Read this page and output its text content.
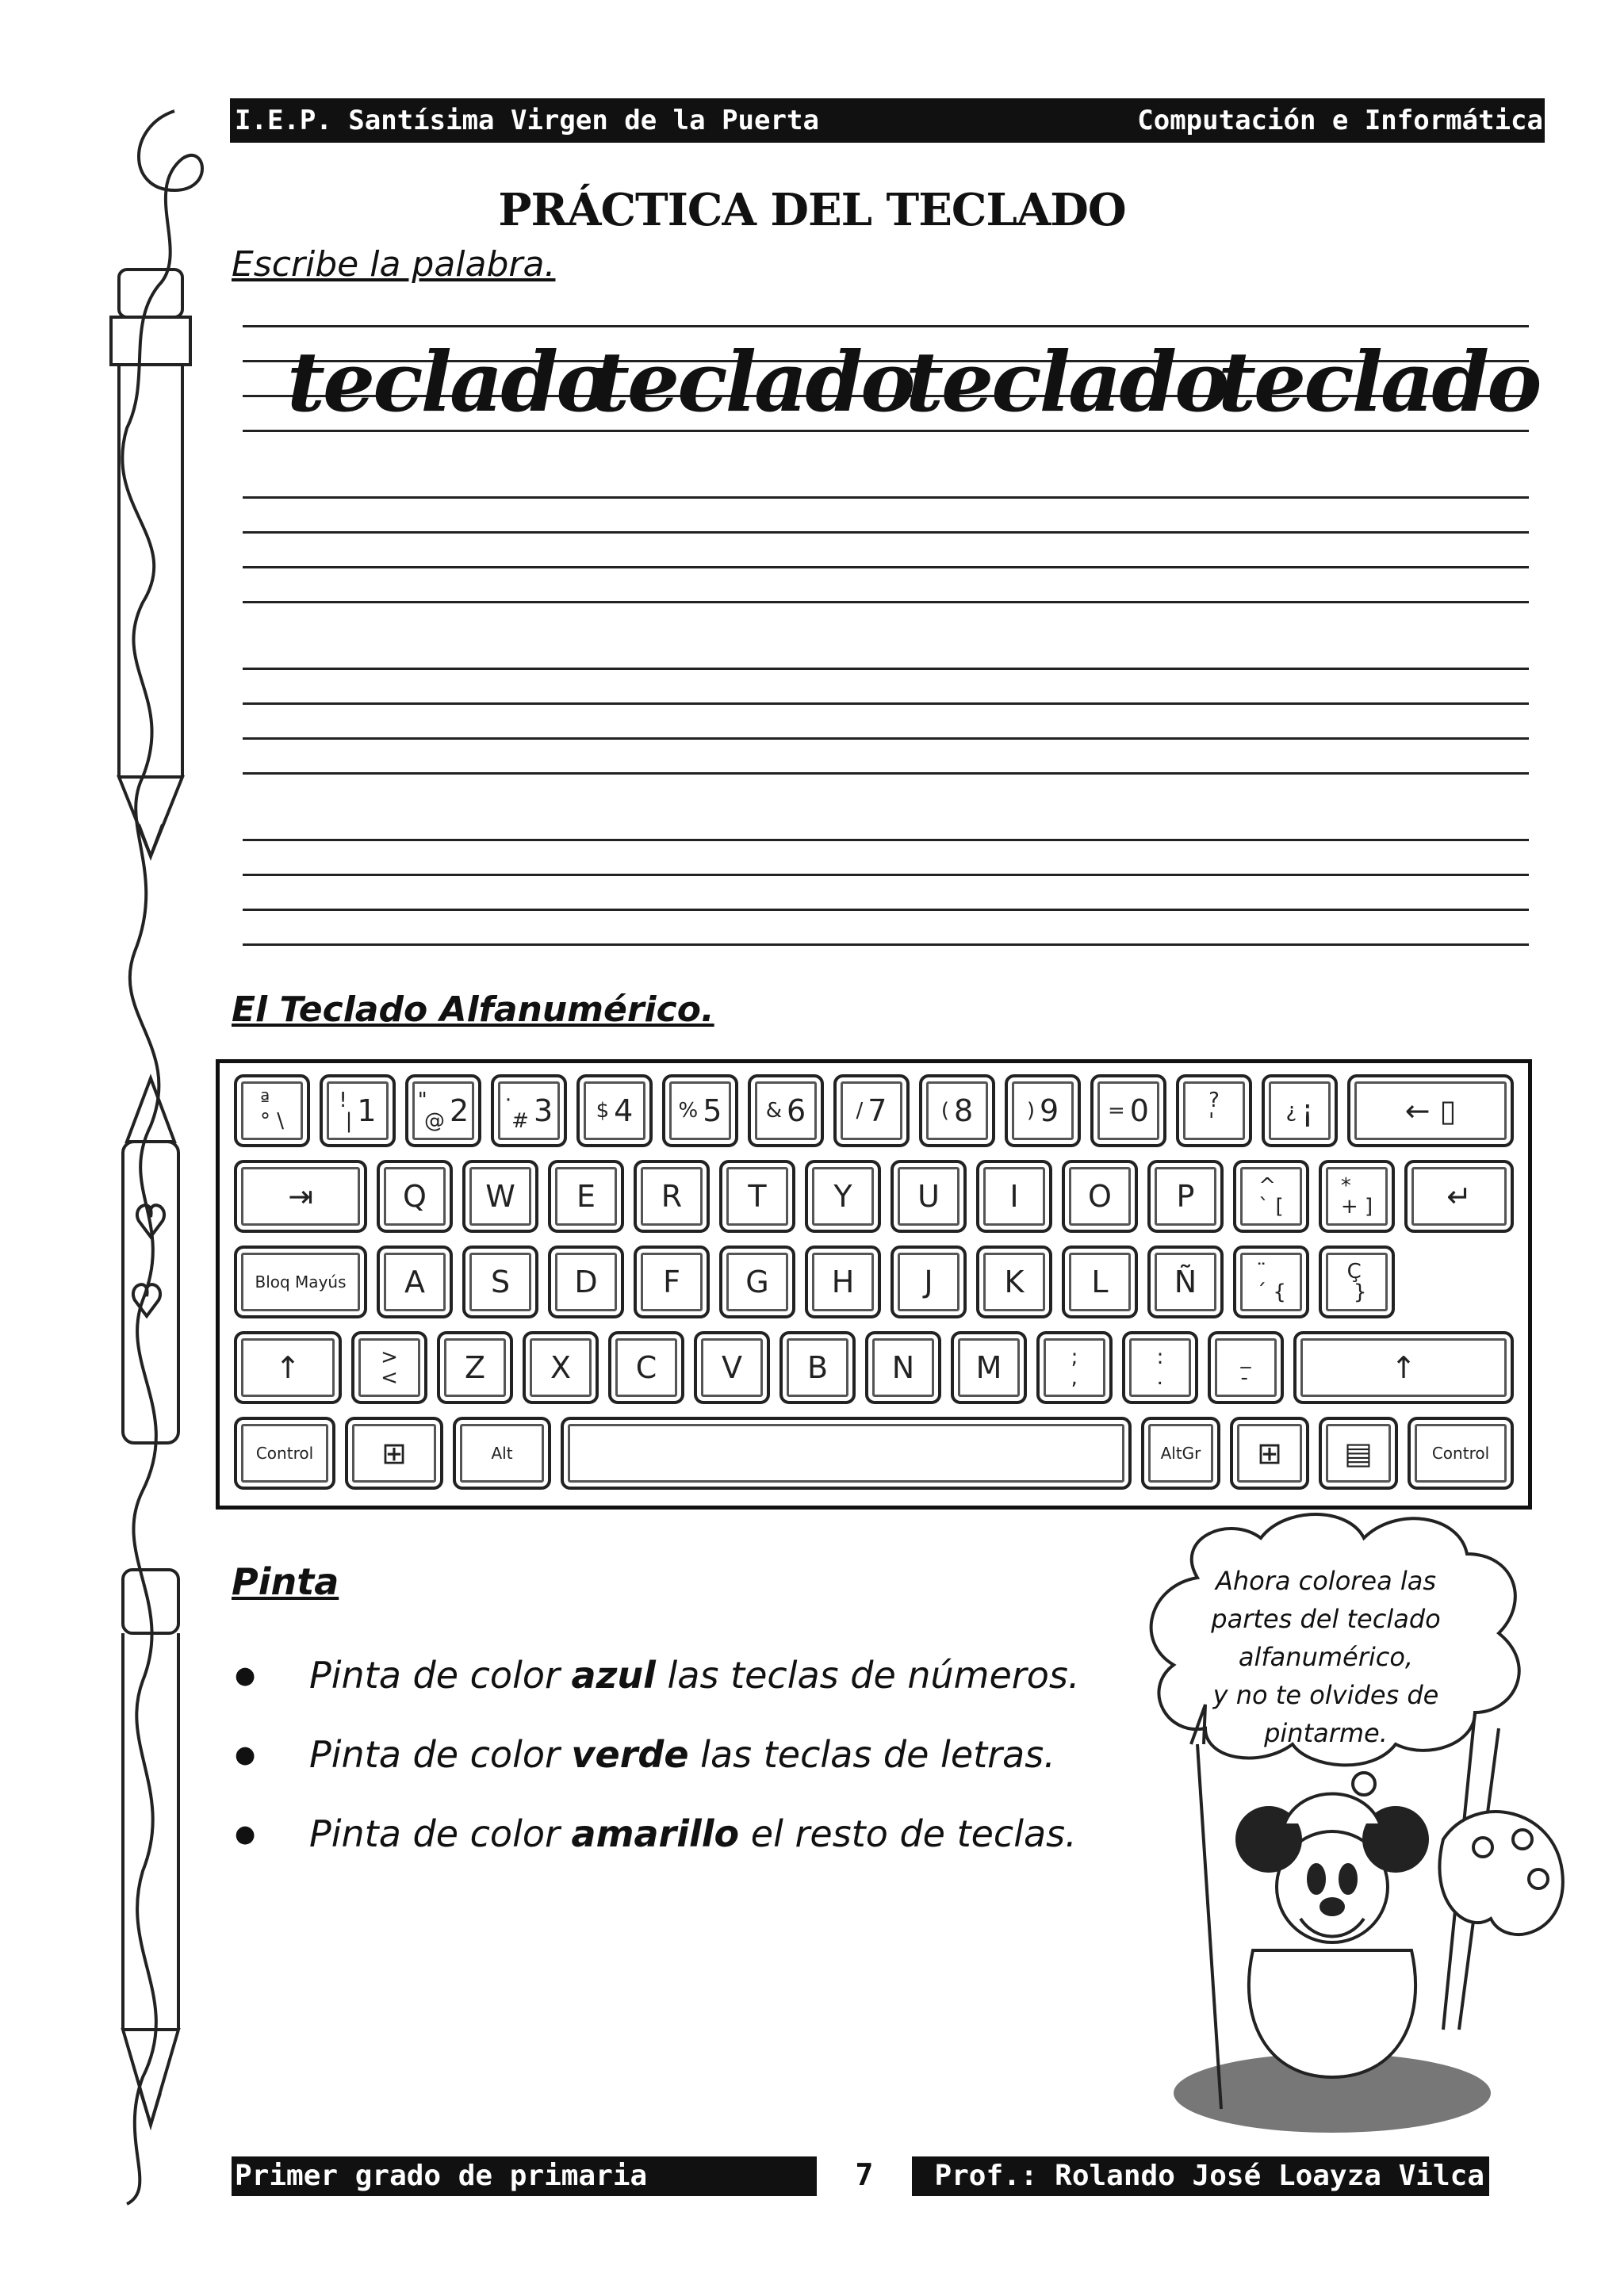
I.E.P. Santísima Virgen de la Puerta	Computación e Informática
PRÁCTICA DEL TECLADO
Escribe la palabra.
teclado
teclado
teclado
teclado
El Teclado Alfanumérico.
ª
° \
!
| 1 "
@ 2 ·
# 3 $ 4 % 5 & 6 / 7	( 8	) 9 = 0	?
'	¿ ¡	← ▯
⇥	Q W E R T Y U I O P	^
` [
*
+ ] ↵
Bloq Mayús A S D F G H J K L Ñ	¨
´ {
Ç
}
↑	>
< Z X C V B N M	;
,
:
.
_
-	↑
Control ⊞	Alt	AltGr ⊞ ▤	Control
Pinta
● Pinta de color azul las teclas de números.
● Pinta de color verde las teclas de letras.
● Pinta de color amarillo el resto de teclas.
Ahora colorea las
partes del teclado
alfanumérico,
y no te olvides de
pintarme.
Primer grado de primaria	7	Prof.: Rolando José Loayza Vilca
